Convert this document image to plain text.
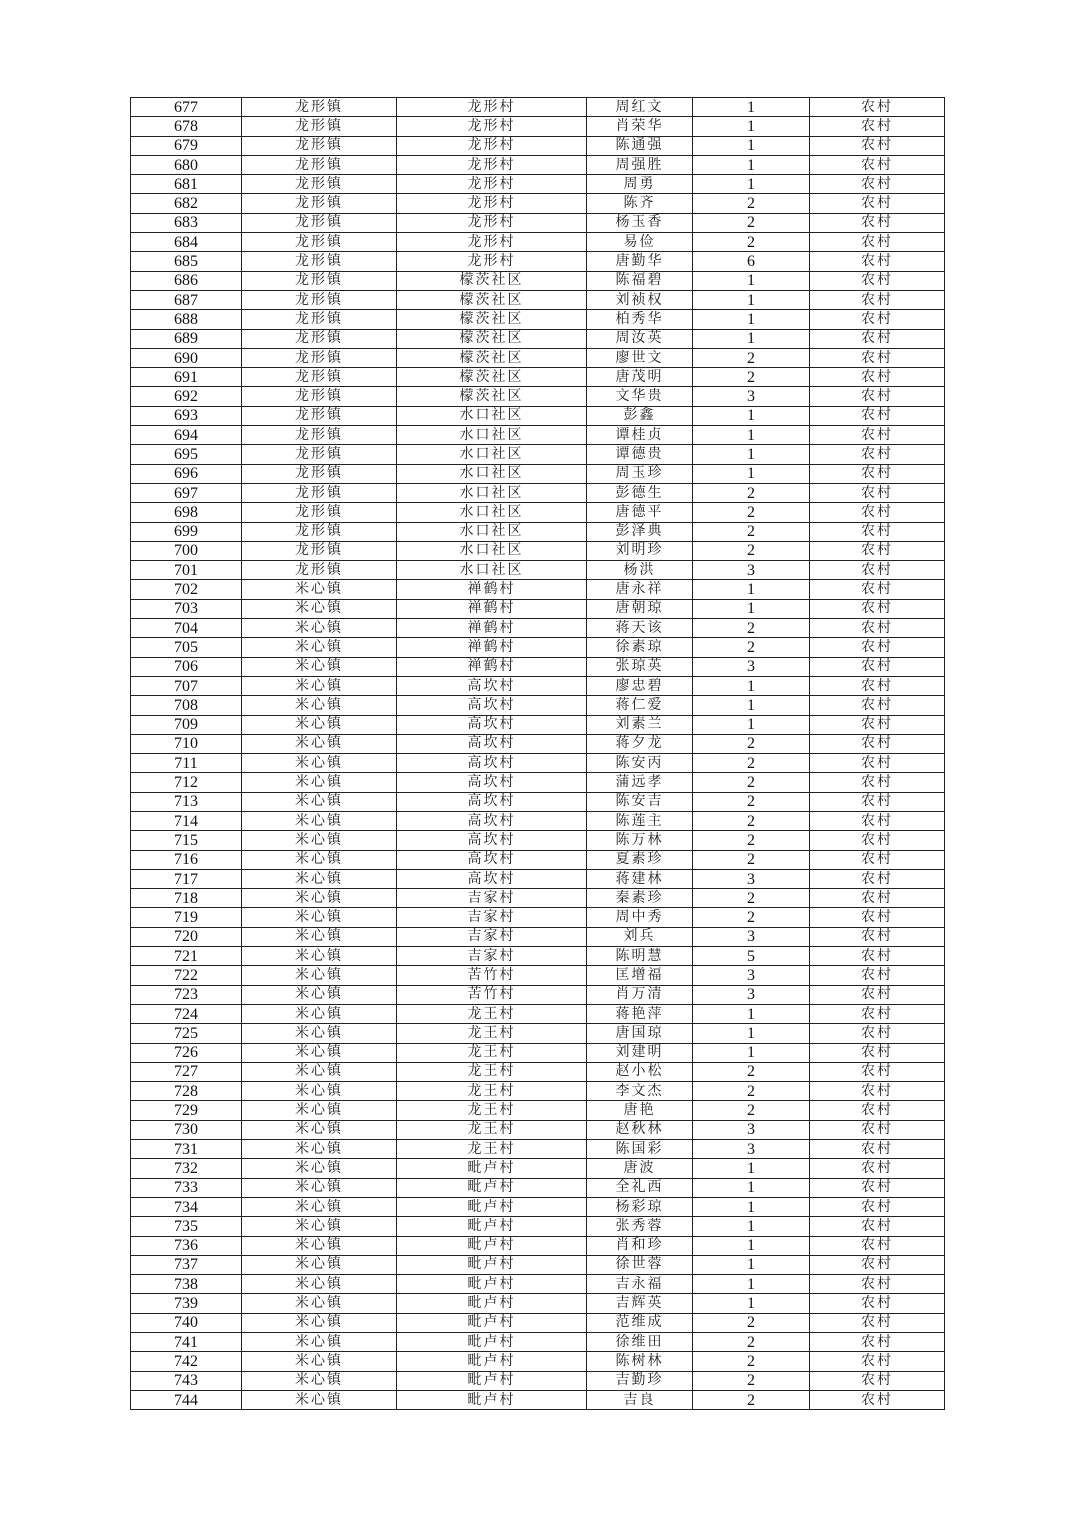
677	龙形镇	龙形村	周红文	1	农村
678	龙形镇	龙形村	肖荣华	1	农村
679	龙形镇	龙形村	陈通强	1	农村
680	龙形镇	龙形村	周强胜	1	农村
681	龙形镇	龙形村	周勇	1	农村
682	龙形镇	龙形村	陈齐	2	农村
683	龙形镇	龙形村	杨玉香	2	农村
684	龙形镇	龙形村	易俭	2	农村
685	龙形镇	龙形村	唐勤华	6	农村
686	龙形镇	檬茨社区	陈福碧	1	农村
687	龙形镇	檬茨社区	刘祯权	1	农村
688	龙形镇	檬茨社区	柏秀华	1	农村
689	龙形镇	檬茨社区	周汝英	1	农村
690	龙形镇	檬茨社区	廖世文	2	农村
691	龙形镇	檬茨社区	唐茂明	2	农村
692	龙形镇	檬茨社区	文华贵	3	农村
693	龙形镇	水口社区	彭鑫	1	农村
694	龙形镇	水口社区	谭桂贞	1	农村
695	龙形镇	水口社区	谭德贵	1	农村
696	龙形镇	水口社区	周玉珍	1	农村
697	龙形镇	水口社区	彭德生	2	农村
698	龙形镇	水口社区	唐德平	2	农村
699	龙形镇	水口社区	彭泽典	2	农村
700	龙形镇	水口社区	刘明珍	2	农村
701	龙形镇	水口社区	杨洪	3	农村
702	米心镇	禅鹤村	唐永祥	1	农村
703	米心镇	禅鹤村	唐朝琼	1	农村
704	米心镇	禅鹤村	蒋天该	2	农村
705	米心镇	禅鹤村	徐素琼	2	农村
706	米心镇	禅鹤村	张琼英	3	农村
707	米心镇	高坎村	廖忠碧	1	农村
708	米心镇	高坎村	蒋仁爱	1	农村
709	米心镇	高坎村	刘素兰	1	农村
710	米心镇	高坎村	蒋夕龙	2	农村
711	米心镇	高坎村	陈安丙	2	农村
712	米心镇	高坎村	蒲远孝	2	农村
713	米心镇	高坎村	陈安吉	2	农村
714	米心镇	高坎村	陈莲主	2	农村
715	米心镇	高坎村	陈万林	2	农村
716	米心镇	高坎村	夏素珍	2	农村
717	米心镇	高坎村	蒋建林	3	农村
718	米心镇	吉家村	秦素珍	2	农村
719	米心镇	吉家村	周中秀	2	农村
720	米心镇	吉家村	刘兵	3	农村
721	米心镇	吉家村	陈明慧	5	农村
722	米心镇	苦竹村	匡增福	3	农村
723	米心镇	苦竹村	肖万清	3	农村
724	米心镇	龙王村	蒋艳萍	1	农村
725	米心镇	龙王村	唐国琼	1	农村
726	米心镇	龙王村	刘建明	1	农村
727	米心镇	龙王村	赵小松	2	农村
728	米心镇	龙王村	李文杰	2	农村
729	米心镇	龙王村	唐艳	2	农村
730	米心镇	龙王村	赵秋林	3	农村
731	米心镇	龙王村	陈国彩	3	农村
732	米心镇	毗卢村	唐波	1	农村
733	米心镇	毗卢村	全礼西	1	农村
734	米心镇	毗卢村	杨彩琼	1	农村
735	米心镇	毗卢村	张秀蓉	1	农村
736	米心镇	毗卢村	肖和珍	1	农村
737	米心镇	毗卢村	徐世蓉	1	农村
738	米心镇	毗卢村	吉永福	1	农村
739	米心镇	毗卢村	吉辉英	1	农村
740	米心镇	毗卢村	范维成	2	农村
741	米心镇	毗卢村	徐维田	2	农村
742	米心镇	毗卢村	陈树林	2	农村
743	米心镇	毗卢村	吉勤珍	2	农村
744	米心镇	毗卢村	吉良	2	农村
